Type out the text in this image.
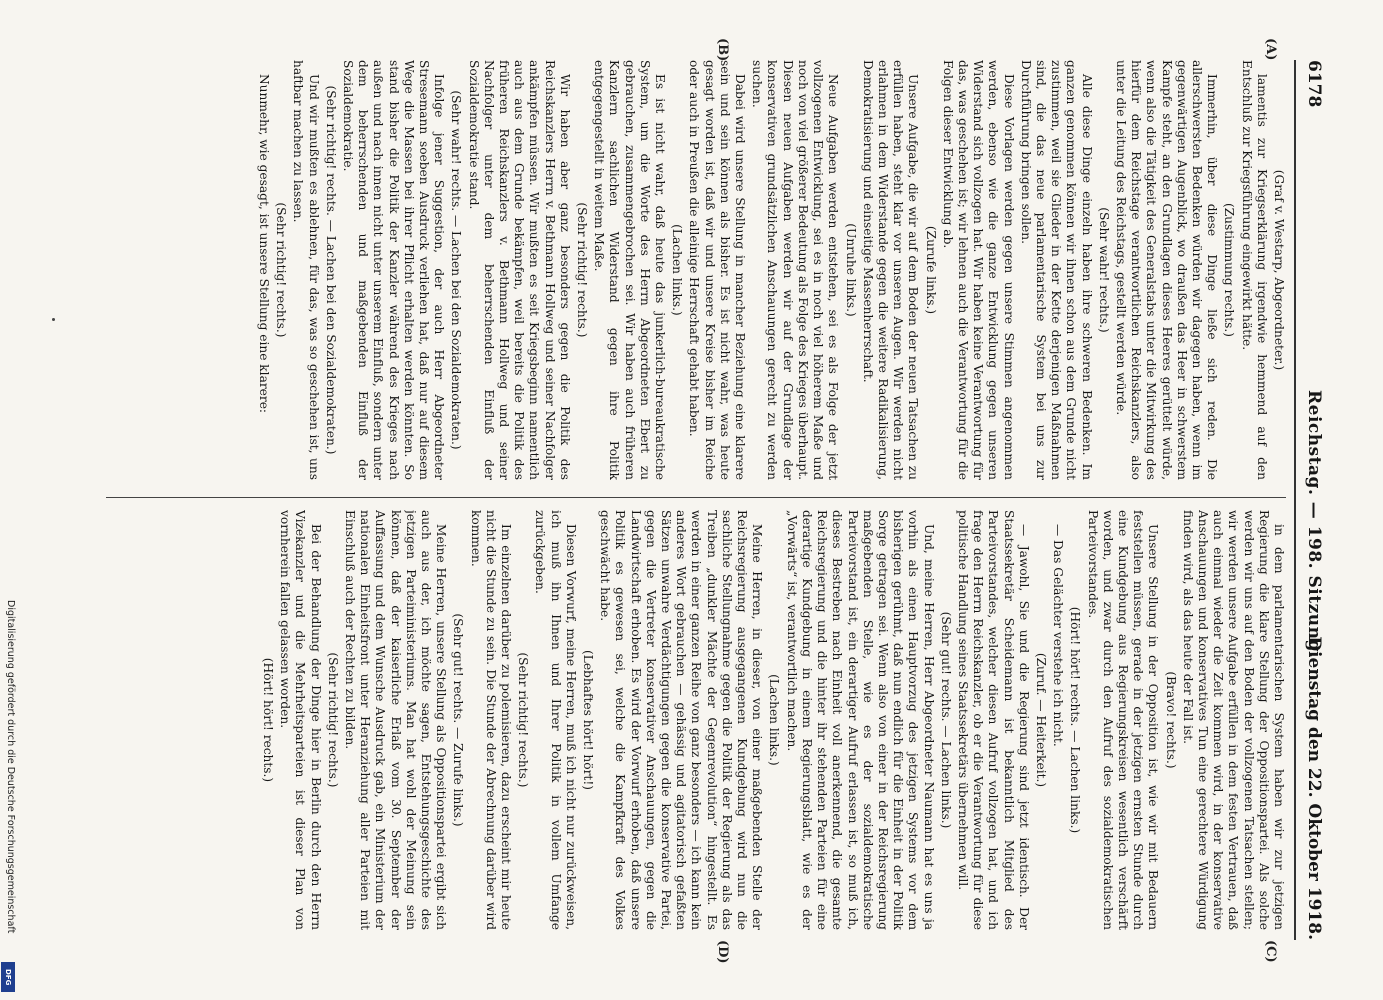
6178
Reichstag. — 198. Sitzung.
Dienstag den 22. Oktober 1918.

(Graf v. Westarp, Abgeordneter.)

lamentis zur Kriegserklärung irgendwie hemmend auf den Entschluß zur Kriegsführung eingewirkt hätte.

(Zustimmung rechts.)

Immerhin, über diese Dinge ließe sich reden. Die allerschwersten Bedenken würden wir dagegen haben, wenn im gegenwärtigen Augenblick, wo draußen das Heer in schwerstem Kampfe steht, an den Grundlagen dieses Heeres gerüttelt würde, wenn also die Tätigkeit des Generalstabs unter die Mitwirkung des hierfür dem Reichstage verantwortlichen Reichskanzlers, also unter die Leitung des Reichstags, gestellt werden würde.

(Sehr wahr! rechts.)

Alle diese Dinge einzeln haben ihre schweren Bedenken. Im ganzen genommen können wir ihnen schon aus dem Grunde nicht zustimmen, weil sie Glieder in der Kette derjenigen Maßnahmen sind, die das neue parlamentarische System bei uns zur Durchführung bringen sollen.

Diese Vorlagen werden gegen unsere Stimmen angenommen werden, ebenso wie die ganze Entwicklung gegen unseren Widerstand sich vollzogen hat. Wir haben keine Verantwortung für das, was geschehen ist; wir lehnen auch die Verantwortung für die Folgen dieser Entwicklung ab.

(Zurufe links.)

Unsere Aufgabe, die wir auf dem Boden der neuen Tatsachen zu erfüllen haben, steht klar vor unseren Augen. Wir werden nicht erlahmen in dem Widerstande gegen die weitere Radikalisierung, Demokratisierung und einseitige Massenherrschaft.

(Unruhe links.)

Neue Aufgaben werden entstehen, sei es als Folge der jetzt vollzogenen Entwicklung, sei es in noch viel höherem Maße und noch von viel größerer Bedeutung als Folge des Krieges überhaupt. Diesen neuen Aufgaben werden wir auf der Grundlage der konservativen grundsätzlichen Anschauungen gerecht zu werden suchen.

Dabei wird unsere Stellung in mancher Beziehung eine klarere sein und sein können als bisher. Es ist nicht wahr, was heute gesagt worden ist, daß wir und unsere Kreise bisher im Reiche oder auch in Preußen die alleinige Herrschaft gehabt haben.

(Lachen links.)

Es ist nicht wahr, daß heute das junkerlich-bureaukratische System, um die Worte des Herrn Abgeordneten Ebert zu gebrauchen, zusammengebrochen sei. Wir haben auch früheren Kanzlern sachlichen Widerstand gegen ihre Politik entgegengestellt in weitem Maße.

(Sehr richtig! rechts.)

Wir haben aber ganz besonders gegen die Politik des Reichskanzlers Herrn v. Bethmann Hollweg und seiner Nachfolger ankämpfen müssen. Wir mußten es seit Kriegsbeginn namentlich auch aus dem Grunde bekämpfen, weil bereits die Politik des früheren Reichskanzlers v. Bethmann Hollweg und seiner Nachfolger unter dem beherrschenden Einfluß der Sozialdemokratie stand.

(Sehr wahr! rechts. — Lachen bei den Sozialdemokraten.)

Infolge jener Suggestion, der auch Herr Abgeordneter Stresemann soeben Ausdruck verliehen hat, daß nur auf diesem Wege die Massen bei ihrer Pflicht erhalten werden könnten. So stand bisher die Politik der Kanzler während des Krieges nach außen und nach innen nicht unter unserem Einfluß, sondern unter dem beherrschenden und maßgebenden Einfluß der Sozialdemokratie.

(Sehr richtig! rechts. — Lachen bei den Sozialdemokraten.)

Und wir mußten es ablehnen, für das, was so geschehen ist, uns haftbar machen zu lassen.

(Sehr richtig! rechts.)

Nunmehr, wie gesagt, ist unsere Stellung eine klarere:

in dem parlamentarischen System haben wir zur jetzigen Regierung die klare Stellung der Oppositionspartei. Als solche werden wir uns auf den Boden der vollzogenen Tatsachen stellen; wir werden unsere Aufgabe erfüllen in dem festen Vertrauen, daß auch einmal wieder die Zeit kommen wird, in der konservative Anschauungen und konservatives Tun eine gerechtere Würdigung finden wird, als das heute der Fall ist.

(Bravo! rechts.)

Unsere Stellung in der Opposition ist, wie wir mit Bedauern feststellen müssen, gerade in der jetzigen ernsten Stunde durch eine Kundgebung aus Regierungskreisen wesentlich verschärft worden, und zwar durch den Aufruf des sozialdemokratischen Parteivorstandes.

(Hört! hört! rechts. — Lachen links.)

— Das Gelächter verstehe ich nicht.

(Zuruf. — Heiterkeit.)

— Jawohl, Sie und die Regierung sind jetzt identisch. Der Staatssekretär Scheidemann ist bekanntlich Mitglied des Parteivorstandes, welcher diesen Aufruf vollzogen hat, und ich frage den Herrn Reichskanzler, ob er die Verantwortung für diese politische Handlung seines Staatssekretärs übernehmen will.

(Sehr gut! rechts. — Lachen links.)

Und, meine Herren, Herr Abgeordneter Naumann hat es uns ja vorhin als einen Hauptvorzug des jetzigen Systems vor dem bisherigen gerühmt, daß nun endlich für die Einheit in der Politik Sorge getragen sei. Wenn also von einer in der Reichsregierung maßgebenden Stelle, wie es der sozialdemokratische Parteivorstand ist, ein derartiger Aufruf erlassen ist, so muß ich, dieses Bestreben nach Einheit voll anerkennend, die gesamte Reichsregierung und die hinter ihr stehenden Parteien für eine derartige Kundgebung in einem Regierungsblatt, wie es der „Vorwärts“ ist, verantwortlich machen.

(Lachen links.)

Meine Herren, in dieser, von einer maßgebenden Stelle der Reichsregierung ausgegangenen Kundgebung wird nun die sachliche Stellungnahme gegen die Politik der Regierung als das Treiben „dunkler Mächte der Gegenrevolution“ hingestellt. Es werden in einer ganzen Reihe von ganz besonders — ich kann kein anderes Wort gebrauchen — gehässig und agitatorisch gefaßten Sätzen unwahre Verdächtigungen gegen die konservative Partei, gegen die Vertreter konservativer Anschauungen, gegen die Landwirtschaft erhoben. Es wird der Vorwurf erhoben, daß unsere Politik es gewesen sei, welche die Kampfkraft des Volkes geschwächt habe.

(Lebhaftes hört! hört!)

Diesen Vorwurf, meine Herren, muß ich nicht nur zurückweisen, ich muß ihn Ihnen und Ihrer Politik in vollem Umfange zurückgeben.

(Sehr richtig! rechts.)

Im einzelnen darüber zu polemisieren, dazu erscheint mir heute nicht die Stunde zu sein. Die Stunde der Abrechnung darüber wird kommen.

(Sehr gut! rechts. — Zurufe links.)

Meine Herren, unsere Stellung als Oppositionspartei ergibt sich auch aus der, ich möchte sagen, Entstehungsgeschichte des jetzigen Parteiministeriums. Man hat wohl der Meinung sein können, daß der kaiserliche Erlaß vom 30. September der Auffassung und dem Wunsche Ausdruck gab, ein Ministerium der nationalen Einheitsfront unter Heranziehung aller Parteien mit Einschluß auch der Rechten zu bilden.

(Sehr richtig! rechts.)

Bei der Behandlung der Dinge hier in Berlin durch den Herrn Vizekanzler und die Mehrheitsparteien ist dieser Plan von vornherein fallen gelassen worden.

(Hört! hört! rechts.)

(A)
(B)
(C)
(D)
Digitalisierung gefördert durch die Deutsche Forschungsgemeinschaft
DFG
